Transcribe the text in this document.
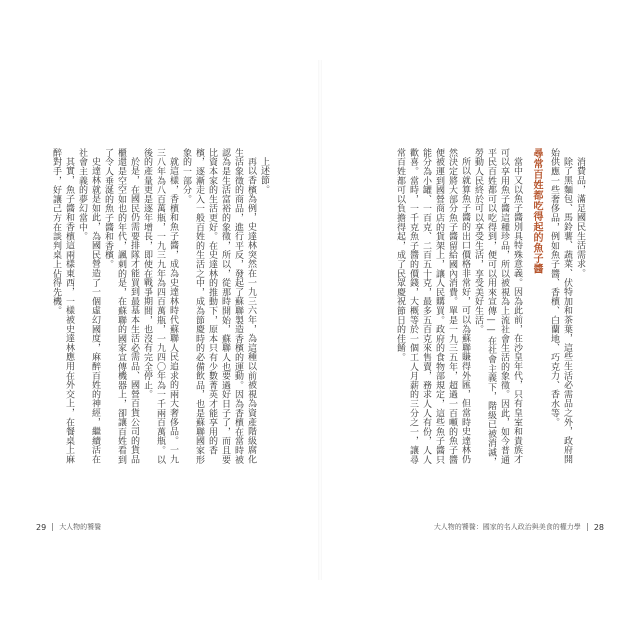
上述節。

再以香檳為例，史達林突然在一九三六年，為這種以前被視為資產階級腐化生活象徵的商品，進行平反，發起了蘇聯製造香檳的運動。因為香檳在當時被認為是生活富裕的象徵，所以，從那時開始，蘇聯人也要過好日子了，而且要比資本家的生活更好。在史達林的推動下，原本只有少數菁英才能享用的香檳，逐漸走入一般百姓的生活之中，成為節慶時的必備飲品，也是蘇聯國家形象的一部分。

就這樣，香檳和魚子醬，成為史達林時代蘇聯人民追求的兩大奢侈品。一九三八年為八百萬瓶，一九三九年為四百萬瓶，一九四〇年為一千兩百萬瓶。以後的產量更是逐年增長，即使在戰爭期間，也沒有完全停止。

於是，在國民仍需要排隊才能買到最基本生活必需品、國營百貨公司的貨品櫃還是空空如也的年代，諷刺的是，在蘇聯的國家宣傳機器上，卻讓百姓看到了令人垂涎的魚子醬和香檳。

史達林就是如此，為國民營造了一個虛幻國度，麻醉百姓的神經，繼續活在社會主義的夢幻當中。

其實，魚子醬和香檳這兩樣東西，一樣被史達林應用在外交上，在餐桌上麻醉對手，好讓己方在談判桌上佔得先機。

29 大人物的饕餮

消費品，滿足國民生活需求。

除了黑麵包、馬鈴薯、蔬菜、伏特加和茶葉，這些生活必需品之外，政府開始供應一些奢侈品，例如魚子醬、香檳、白蘭地、巧克力、香水等。

尋常百姓都吃得起的魚子醬

當中又以魚子醬別具特殊意義。因為此前，在沙皇年代，只有皇室和貴族才可以享用魚子醬這種珍品，所以被視為上流社會生活的象徵。因此，如今普通平民百姓都可以吃得到，便可以用來宣傳——在社會主義下，階級已被消滅，勞動人民終於可以享受生活，享受美好生活。

所以就算魚子醬的出口價格非常好，可以為蘇聯賺得外匯，但當時史達林仍然決定將大部分魚子醬留給國內消費。單是一九三五年，超過一百噸的魚子醬便被運到國營商店的貨架上，讓人民購買。政府的食物部規定，這些魚子醬只能分為小罐、一百克、二百五十克，最多五百克來售賣，務求人人有份，人人歡喜。當時，一千克魚子醬的價錢，大概等於一個工人月薪的三分之一，讓尋常百姓都可以負擔得起，成了民眾慶祝節日的佳餚。

大人物的饕餮：國家的名人政治與美食的權力學 28
